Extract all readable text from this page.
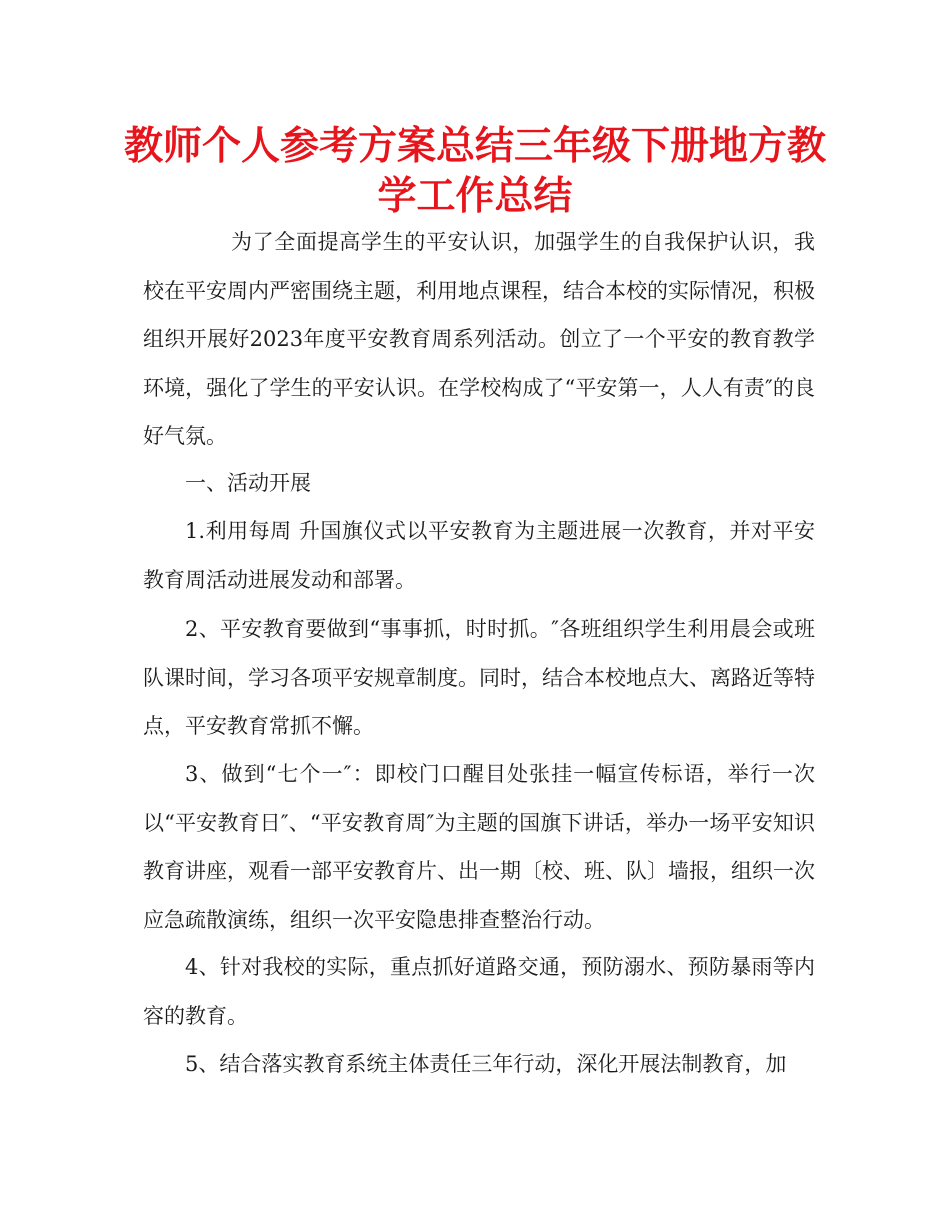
教师个人参考方案总结三年级下册地方教学工作总结

为了全面提高学生的平安认识，加强学生的自我保护认识，我校在平安周内严密围绕主题，利用地点课程，结合本校的实际情况，积极组织开展好2023年度平安教育周系列活动。创立了一个平安的教育教学环境，强化了学生的平安认识。在学校构成了“平安第一，人人有责″的良好气氛。

一、活动开展

1.利用每周 升国旗仪式以平安教育为主题进展一次教育，并对平安教育周活动进展发动和部署。

2、平安教育要做到“事事抓，时时抓。″各班组织学生利用晨会或班队课时间，学习各项平安规章制度。同时，结合本校地点大、离路近等特点，平安教育常抓不懈。

3、做到“七个一″：即校门口醒目处张挂一幅宣传标语，举行一次以“平安教育日″、“平安教育周″为主题的国旗下讲话，举办一场平安知识教育讲座，观看一部平安教育片、出一期〔校、班、队〕墙报，组织一次应急疏散演练，组织一次平安隐患排查整治行动。

4、针对我校的实际，重点抓好道路交通，预防溺水、预防暴雨等内容的教育。

5、结合落实教育系统主体责任三年行动，深化开展法制教育，加
